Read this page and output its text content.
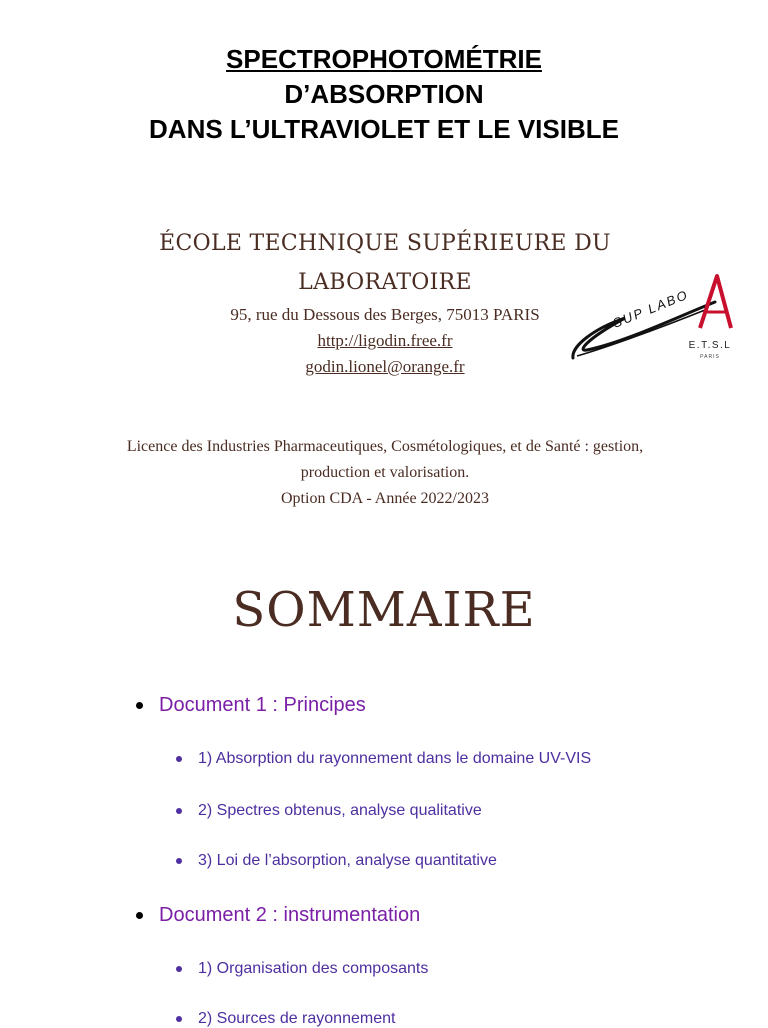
SPECTROPHOTOMÉTRIE
D’ABSORPTION
DANS L’ULTRAVIOLET ET LE VISIBLE
ÉCOLE TECHNIQUE SUPÉRIEURE DU
LABORATOIRE
95, rue du Dessous des Berges, 75013 PARIS
http://ligodin.free.fr
godin.lionel@orange.fr
SUP LABO
E.T.S.L
PARIS
Licence des Industries Pharmaceutiques, Cosmétologiques, et de Santé : gestion,
production et valorisation.
Option CDA - Année 2022/2023
SOMMAIRE
Document 1 : Principes
1) Absorption du rayonnement dans le domaine UV-VIS
2) Spectres obtenus, analyse qualitative
3) Loi de l’absorption, analyse quantitative
Document 2 : instrumentation
1) Organisation des composants
2) Sources de rayonnement
